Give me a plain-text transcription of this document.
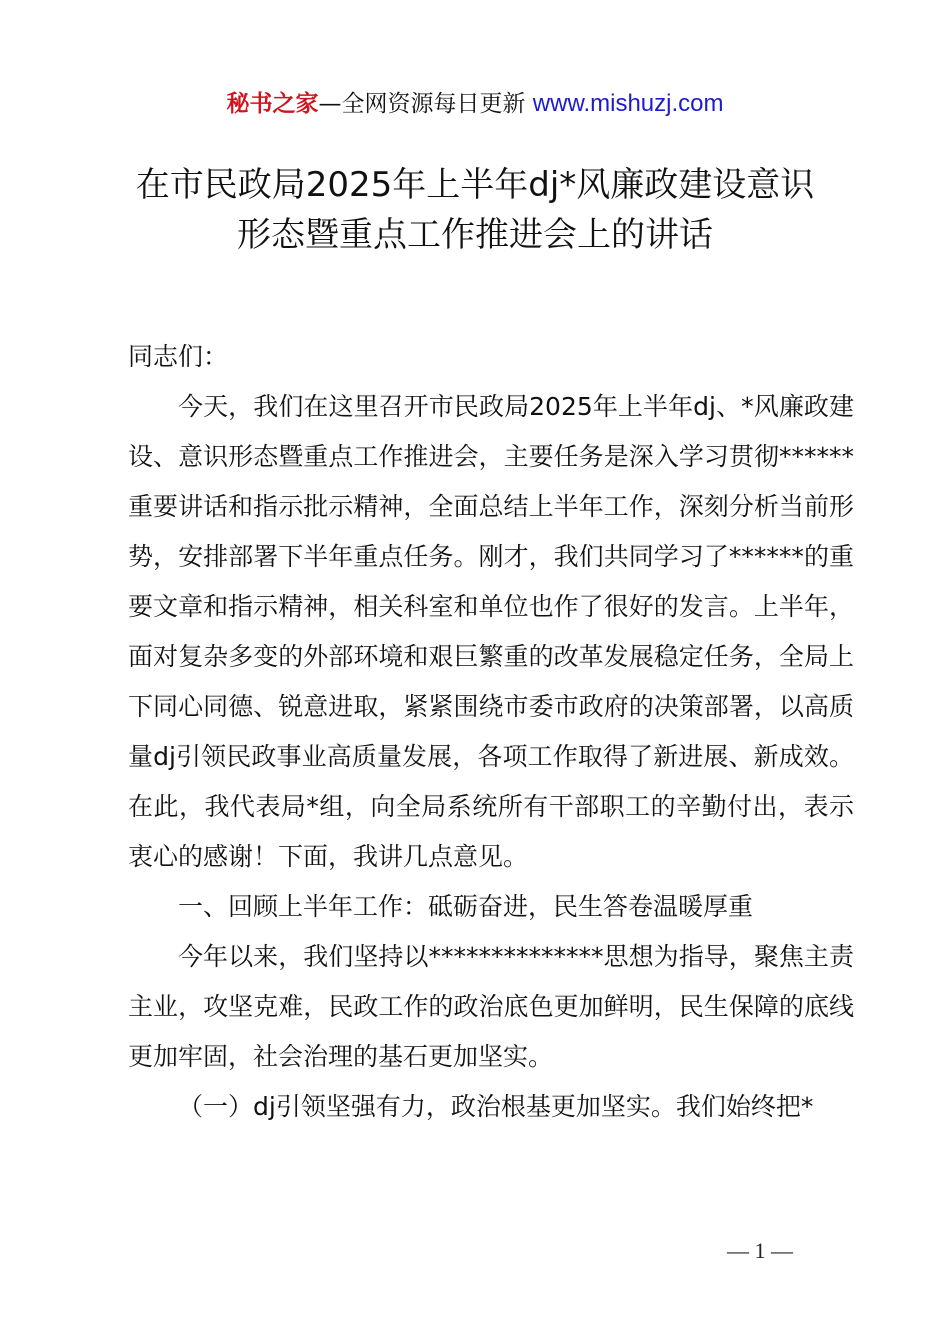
秘书之家—全网资源每日更新 www.mishuzj.com
在市民政局2025年上半年dj*风廉政建设意识
形态暨重点工作推进会上的讲话

同志们：

今天，我们在这里召开市民政局2025年上半年dj、*风廉政建设、意识形态暨重点工作推进会，主要任务是深入学习贯彻******重要讲话和指示批示精神，全面总结上半年工作，深刻分析当前形势，安排部署下半年重点任务。刚才，我们共同学习了******的重要文章和指示精神，相关科室和单位也作了很好的发言。上半年，面对复杂多变的外部环境和艰巨繁重的改革发展稳定任务，全局上下同心同德、锐意进取，紧紧围绕市委市政府的决策部署，以高质量dj引领民政事业高质量发展，各项工作取得了新进展、新成效。在此，我代表局*组，向全局系统所有干部职工的辛勤付出，表示衷心的感谢！下面，我讲几点意见。

一、回顾上半年工作：砥砺奋进，民生答卷温暖厚重

今年以来，我们坚持以**************思想为指导，聚焦主责主业，攻坚克难，民政工作的政治底色更加鲜明，民生保障的底线更加牢固，社会治理的基石更加坚实。

（一）dj引领坚强有力，政治根基更加坚实。我们始终把*

— 1 —
